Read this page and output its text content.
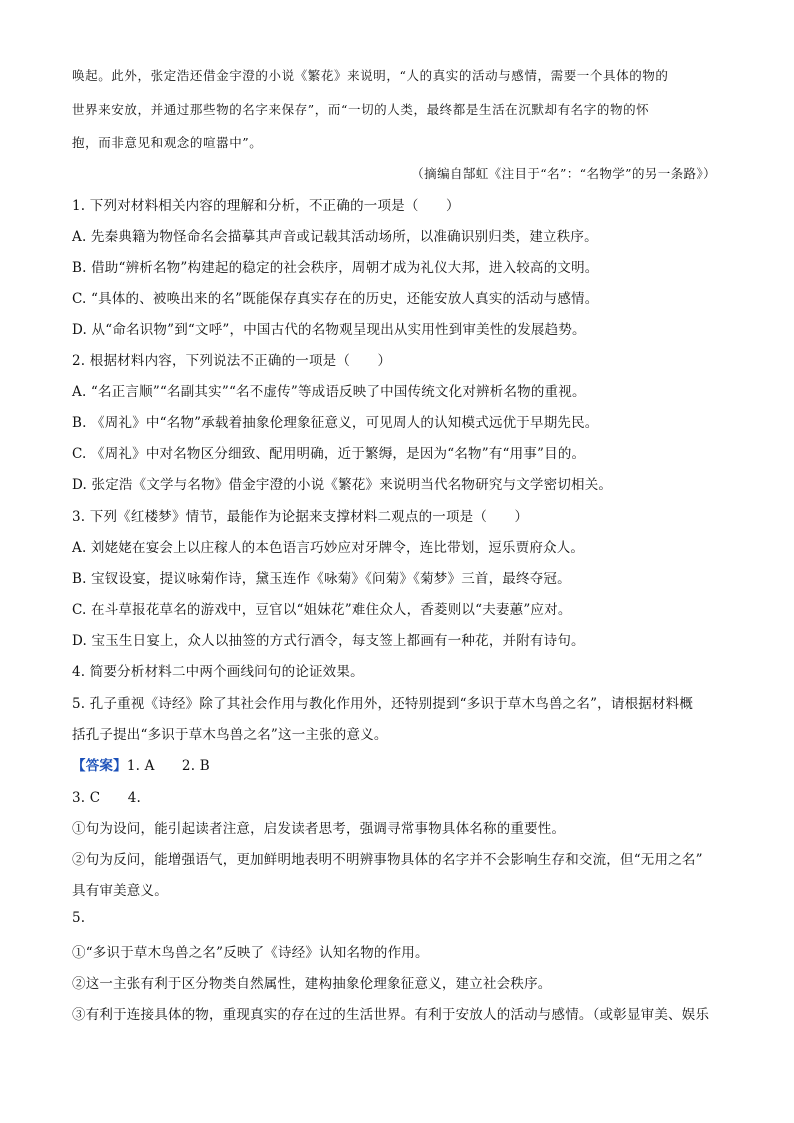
唤起。此外，张定浩还借金宇澄的小说《繁花》来说明，“人的真实的活动与感情，需要一个具体的物的
世界来安放，并通过那些物的名字来保存”，而“一切的人类，最终都是生活在沉默却有名字的物的怀
抱，而非意见和观念的喧嚣中”。
（摘编自郜虹《注目于“名”：“名物学”的另一条路》）
1. 下列对材料相关内容的理解和分析，不正确的一项是（　　）
A. 先秦典籍为物怪命名会描摹其声音或记载其活动场所，以准确识别归类，建立秩序。
B. 借助“辨析名物”构建起的稳定的社会秩序，周朝才成为礼仪大邦，进入较高的文明。
C. “具体的、被唤出来的名”既能保存真实存在的历史，还能安放人真实的活动与感情。
D. 从“命名识物”到“文呼”，中国古代的名物观呈现出从实用性到审美性的发展趋势。
2. 根据材料内容，下列说法不正确的一项是（　　）
A. “名正言顺”“名副其实”“名不虚传”等成语反映了中国传统文化对辨析名物的重视。
B. 《周礼》中“名物”承载着抽象伦理象征意义，可见周人的认知模式远优于早期先民。
C. 《周礼》中对名物区分细致、配用明确，近于繁缛，是因为“名物”有“用事”目的。
D. 张定浩《文学与名物》借金宇澄的小说《繁花》来说明当代名物研究与文学密切相关。
3. 下列《红楼梦》情节，最能作为论据来支撑材料二观点的一项是（　　）
A. 刘姥姥在宴会上以庄稼人的本色语言巧妙应对牙牌令，连比带划，逗乐贾府众人。
B. 宝钗设宴，提议咏菊作诗，黛玉连作《咏菊》《问菊》《菊梦》三首，最终夺冠。
C. 在斗草报花草名的游戏中，豆官以“姐妹花”难住众人，香菱则以“夫妻蕙”应对。
D. 宝玉生日宴上，众人以抽签的方式行酒令，每支签上都画有一种花，并附有诗句。
4. 简要分析材料二中两个画线问句的论证效果。
5. 孔子重视《诗经》除了其社会作用与教化作用外，还特别提到“多识于草木鸟兽之名”，请根据材料概
括孔子提出“多识于草木鸟兽之名”这一主张的意义。
【答案】1. A　　2. B
3. C　　4.
①句为设问，能引起读者注意，启发读者思考，强调寻常事物具体名称的重要性。
②句为反问，能增强语气，更加鲜明地表明不明辨事物具体的名字并不会影响生存和交流，但“无用之名”
具有审美意义。
5.
①“多识于草木鸟兽之名”反映了《诗经》认知名物的作用。
②这一主张有利于区分物类自然属性，建构抽象伦理象征意义，建立社会秩序。
③有利于连接具体的物，重现真实的存在过的生活世界。有利于安放人的活动与感情。（或彰显审美、娱乐
